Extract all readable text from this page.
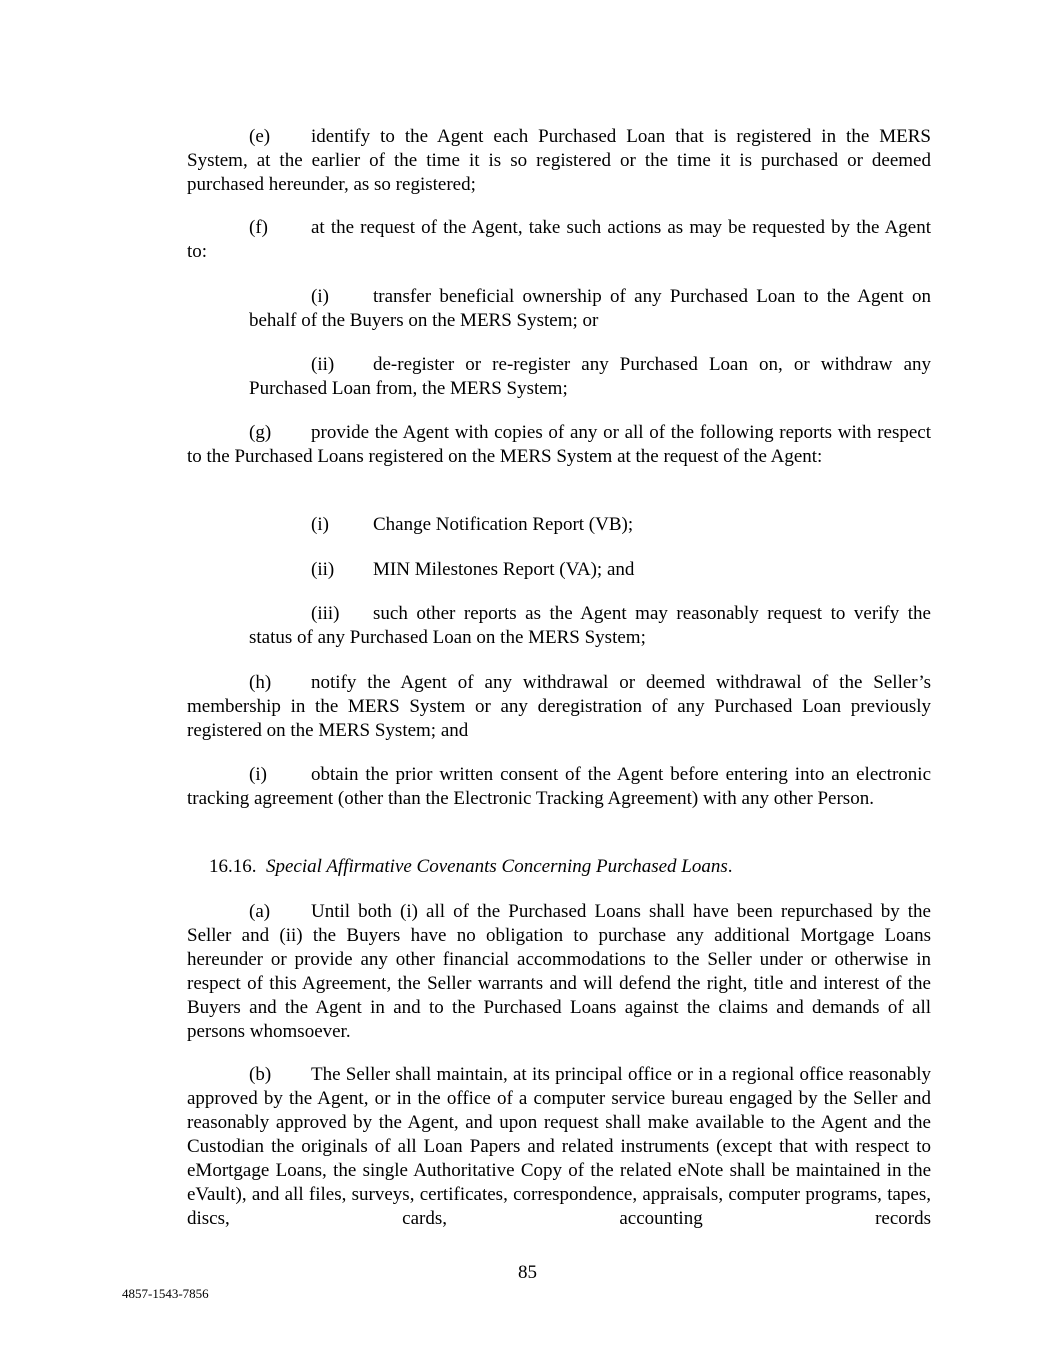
(e) identify to the Agent each Purchased Loan that is registered in the MERS System, at the earlier of the time it is so registered or the time it is purchased or deemed purchased hereunder, as so registered;

(f) at the request of the Agent, take such actions as may be requested by the Agent to:

(i) transfer beneficial ownership of any Purchased Loan to the Agent on behalf of the Buyers on the MERS System; or

(ii) de-register or re-register any Purchased Loan on, or withdraw any Purchased Loan from, the MERS System;

(g) provide the Agent with copies of any or all of the following reports with respect to the Purchased Loans registered on the MERS System at the request of the Agent:

(i) Change Notification Report (VB);

(ii) MIN Milestones Report (VA); and

(iii) such other reports as the Agent may reasonably request to verify the status of any Purchased Loan on the MERS System;

(h) notify the Agent of any withdrawal or deemed withdrawal of the Seller’s membership in the MERS System or any deregistration of any Purchased Loan previously registered on the MERS System; and

(i) obtain the prior written consent of the Agent before entering into an electronic tracking agreement (other than the Electronic Tracking Agreement) with any other Person.

16.16. Special Affirmative Covenants Concerning Purchased Loans.

(a) Until both (i) all of the Purchased Loans shall have been repurchased by the Seller and (ii) the Buyers have no obligation to purchase any additional Mortgage Loans hereunder or provide any other financial accommodations to the Seller under or otherwise in respect of this Agreement, the Seller warrants and will defend the right, title and interest of the Buyers and the Agent in and to the Purchased Loans against the claims and demands of all persons whomsoever.

(b) The Seller shall maintain, at its principal office or in a regional office reasonably approved by the Agent, or in the office of a computer service bureau engaged by the Seller and reasonably approved by the Agent, and upon request shall make available to the Agent and the Custodian the originals of all Loan Papers and related instruments (except that with respect to eMortgage Loans, the single Authoritative Copy of the related eNote shall be maintained in the eVault), and all files, surveys, certificates, correspondence, appraisals, computer programs, tapes, discs, cards, accounting records

85
4857-1543-7856
